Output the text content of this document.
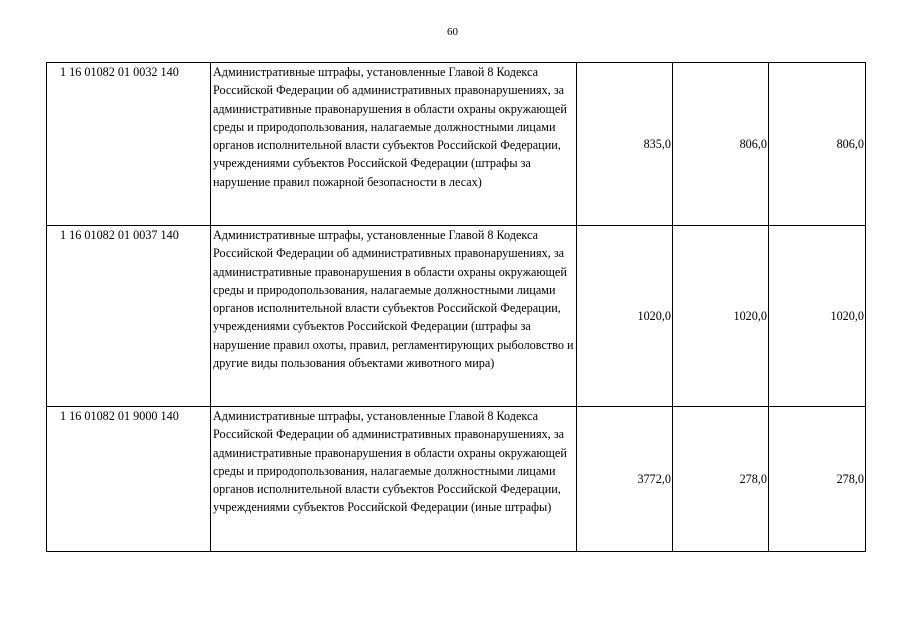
60
1 16 01082 01 0032 140	Административные штрафы, установленные Главой 8 Кодекса Российской Федерации об административных правонарушениях, за административные правонарушения в области охраны окружающей среды и природопользования, налагаемые должностными лицами органов исполнительной власти субъектов Российской Федерации, учреждениями субъектов Российской Федерации (штрафы за нарушение правил пожарной безопасности в лесах)	835,0	806,0	806,0
1 16 01082 01 0037 140	Административные штрафы, установленные Главой 8 Кодекса Российской Федерации об административных правонарушениях, за административные правонарушения в области охраны окружающей среды и природопользования, налагаемые должностными лицами органов исполнительной власти субъектов Российской Федерации, учреждениями субъектов Российской Федерации (штрафы за нарушение правил охоты, правил, регламентирующих рыболовство и другие виды пользования объектами животного мира)	1020,0	1020,0	1020,0
1 16 01082 01 9000 140	Административные штрафы, установленные Главой 8 Кодекса Российской Федерации об административных правонарушениях, за административные правонарушения в области охраны окружающей среды и природопользования, налагаемые должностными лицами органов исполнительной власти субъектов Российской Федерации, учреждениями субъектов Российской Федерации (иные штрафы)	3772,0	278,0	278,0
